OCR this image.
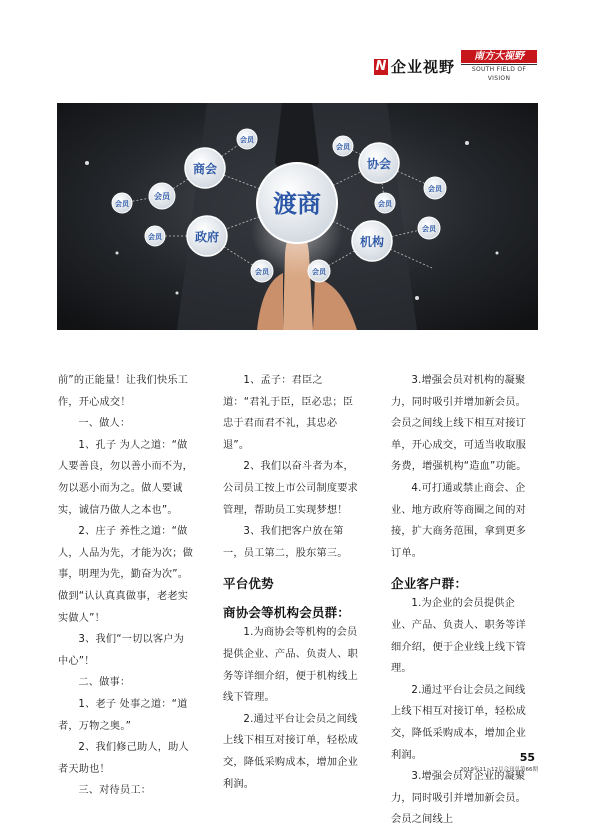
N 企业视野
南方大视野
SOUTH FIELD OF VISION
渡商
商会	协会
政府	机构
会员
会员
会员
会员
会员
会员
会员
会员
会员	会员

前”的正能量！让我们快乐工作，开心成交！

一、做人：

1、孔子 为人之道：“做人要善良，勿以善小而不为，勿以恶小而为之。做人要诚实，诚信乃做人之本也”。

2、庄子 养性之道：“做人，人品为先，才能为次；做事，明理为先，勤奋为次”。做到“认认真真做事，老老实实做人”！

3、我们“一切以客户为中心”！

二、做事：

1、老子 处事之道：“道者，万物之奥。”

2、我们修己助人，助人者天助也！

三、对待员工：

1、孟子：君臣之道：“君礼于臣，臣必忠；臣忠于君而君不礼，其忠必退”。

2、我们以奋斗者为本，公司员工按上市公司制度要求管理，帮助员工实现梦想！

3、我们把客户放在第一，员工第二，股东第三。

平台优势
商协会等机构会员群：

1.为商协会等机构的会员提供企业、产品、负责人、职务等详细介绍，便于机构线上线下管理。

2.通过平台让会员之间线上线下相互对接订单，轻松成交，降低采购成本，增加企业利润。

3.增强会员对机构的凝聚力，同时吸引并增加新会员。会员之间线上线下相互对接订单，开心成交，可适当收取服务费，增强机构“造血”功能。

4.可打通或禁止商会、企业、地方政府等商圈之间的对接，扩大商务范围，拿到更多订单。

企业客户群：

1.为企业的会员提供企业、产品、负责人、职务等详细介绍，便于企业线上线下管理。

2.通过平台让会员之间线上线下相互对接订单，轻松成交，降低采购成本，增加企业利润。

3.增强会员对企业的凝聚力，同时吸引并增加新会员。会员之间线上

55
2019年11~12月合刊总第66期
